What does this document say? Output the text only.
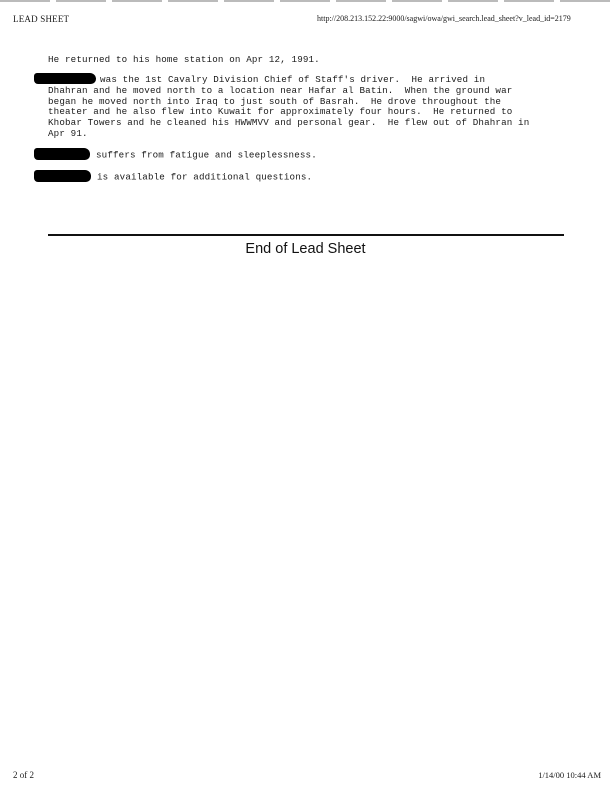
LEAD SHEET	http://208.213.152.22:9000/sagwi/owa/gwi_search.lead_sheet?v_lead_id=2179
He returned to his home station on Apr 12, 1991.
was the 1st Cavalry Division Chief of Staff's driver.  He arrived in
Dhahran and he moved north to a location near Hafar al Batin.  When the ground war
began he moved north into Iraq to just south of Basrah.  He drove throughout the
theater and he also flew into Kuwait for approximately four hours.  He returned to
Khobar Towers and he cleaned his HWWMVV and personal gear.  He flew out of Dhahran in
Apr 91.
suffers from fatigue and sleeplessness.
is available for additional questions.
End of Lead Sheet
2 of 2	1/14/00 10:44 AM
